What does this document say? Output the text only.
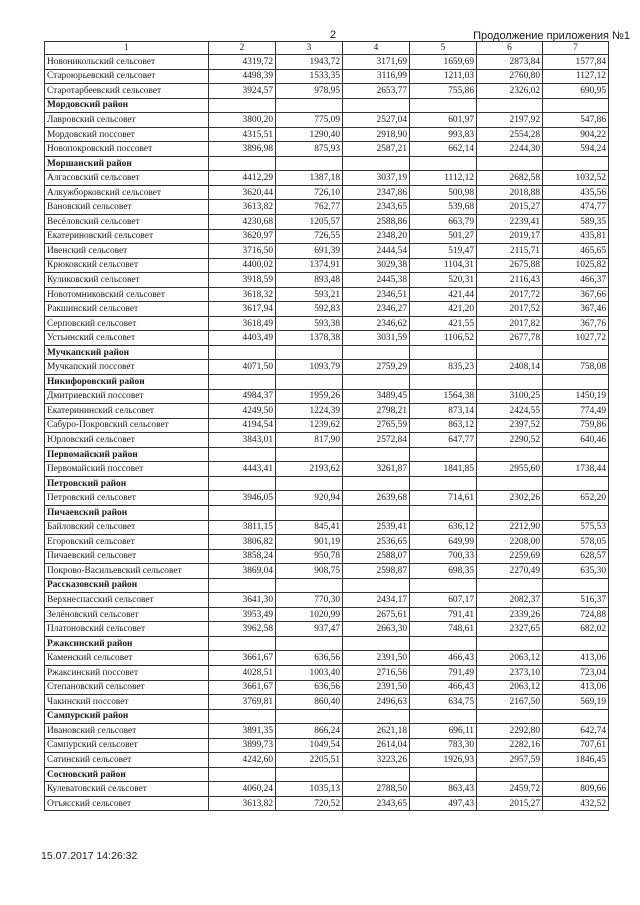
2	Продолжение приложения №1
1	2	3	4	5	6	7
Новоникольский сельсовет	4319,72	1943,72	3171,69	1659,69	2873,84	1577,84
Староюрьевский сельсовет	4498,39	1533,35	3116,99	1211,03	2760,80	1127,12
Старотарбеевский сельсовет	3924,57	978,95	2653,77	755,86	2326,02	690,95
Мордовский район						
Лавровский сельсовет	3800,20	775,09	2527,04	601,97	2197,92	547,86
Мордовский поссовет	4315,51	1290,40	2918,90	993,83	2554,28	904,22
Новопокровский поссовет	3896,98	875,93	2587,21	662,14	2244,30	594,24
Моршанский район						
Алгасовский сельсовет	4412,29	1387,18	3037,19	1112,12	2682,58	1032,52
Алкужборковский сельсовет	3620,44	726,10	2347,86	500,98	2018,88	435,56
Вановский сельсовет	3613,82	762,77	2343,65	539,68	2015,27	474,77
Весёловский сельсовет	4230,68	1205,57	2588,86	663,79	2239,41	589,35
Екатериновский сельсовет	3620,97	726,55	2348,20	501,27	2019,17	435,81
Ивенский сельсовет	3716,50	691,39	2444,54	519,47	2115,71	465,65
Крюковский сельсовет	4400,02	1374,91	3029,38	1104,31	2675,88	1025,82
Куликовский сельсовет	3918,59	893,48	2445,38	520,31	2116,43	466,37
Новотомниковский сельсовет	3618,32	593,21	2346,51	421,44	2017,72	367,66
Ракшинский сельсовет	3617,94	592,83	2346,27	421,20	2017,52	367,46
Серповский сельсовет	3618,49	593,38	2346,62	421,55	2017,82	367,76
Устьинский сельсовет	4403,49	1378,38	3031,59	1106,52	2677,78	1027,72
Мучкапский район						
Мучкапский поссовет	4071,50	1093,79	2759,29	835,23	2408,14	758,08
Никифоровский район						
Дмитриевский поссовет	4984,37	1959,26	3489,45	1564,38	3100,25	1450,19
Екатерининский сельсовет	4249,50	1224,39	2798,21	873,14	2424,55	774,49
Сабуро-Покровский сельсовет	4194,54	1239,62	2765,59	863,12	2397,52	759,86
Юрловский сельсовет	3843,01	817,90	2572,84	647,77	2290,52	640,46
Первомайский район						
Первомайский поссовет	4443,41	2193,62	3261,87	1841,85	2955,60	1738,44
Петровский район						
Петровский сельсовет	3946,05	920,94	2639,68	714,61	2302,26	652,20
Пичаевский район						
Байловский сельсовет	3811,15	845,41	2539,41	636,12	2212,90	575,53
Егоровский сельсовет	3806,82	901,19	2536,65	649,99	2208,00	578,05
Пичаевский сельсовет	3858,24	950,78	2588,07	700,33	2259,69	628,57
Покрово-Васильевский сельсовет	3869,04	908,75	2598,87	698,35	2270,49	635,30
Рассказовский район						
Верхнеспасский сельсовет	3641,30	770,30	2434,17	607,17	2082,37	516,37
Зелёновский сельсовет	3953,49	1020,99	2675,61	791,41	2339,26	724,88
Платоновский сельсовет	3962,58	937,47	2663,30	748,61	2327,65	682,02
Ржаксинский район						
Каменский сельсовет	3661,67	636,56	2391,50	466,43	2063,12	413,06
Ржаксинский поссовет	4028,51	1003,40	2716,56	791,49	2373,10	723,04
Степановский сельсовет	3661,67	636,56	2391,50	466,43	2063,12	413,06
Чакинский поссовет	3769,81	860,40	2496,63	634,75	2167,50	569,19
Сампурский район						
Ивановский сельсовет	3891,35	866,24	2621,18	696,11	2292,80	642,74
Сампурский сельсовет	3899,73	1049,54	2614,04	783,30	2282,16	707,61
Сатинский сельсовет	4242,60	2205,51	3223,26	1926,93	2957,59	1846,45
Сосновский район						
Кулеватовский сельсовет	4060,24	1035,13	2788,50	863,43	2459,72	809,66
Отъясский сельсовет	3613,82	720,52	2343,65	497,43	2015,27	432,52
15.07.2017 14:26:32
